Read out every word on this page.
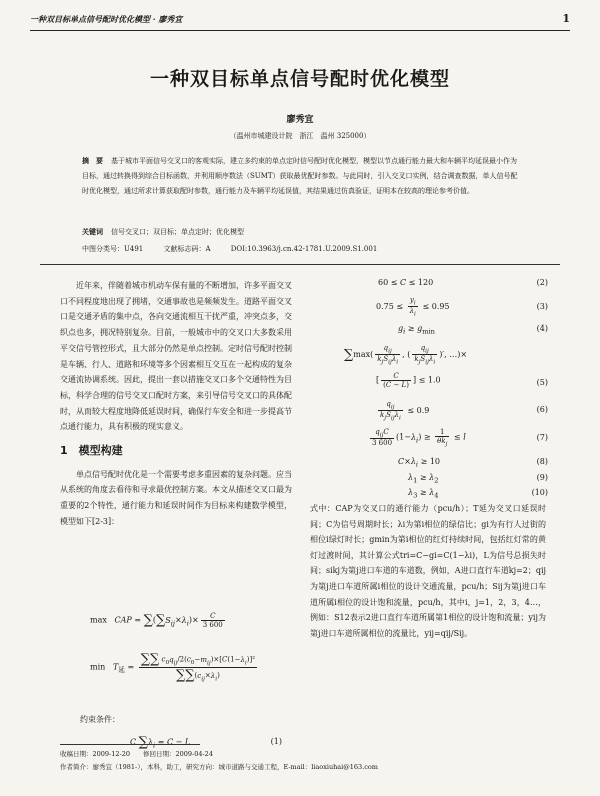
一种双目标单点信号配时优化模型 · 廖秀宜	1
一种双目标单点信号配时优化模型
廖秀宜
（温州市城建设计院　浙江　温州 325000）
摘　要 基于城市平面信号交叉口的客观实际，建立多约束的单点定时信号配时优化模型，模型以节点通行能力最大和车辆平均延误最小作为目标，通过转换得到综合目标函数，并利用顺序数法（SUMT）获取最优配时参数。与此同时，引入交叉口实例，结合调查数据，单人信号配时优化模型，通过所求计算获取配时参数，通行能力及车辆平均延误值，其结果通过仿真验证，证明本在较高的理论参考价值。
关键词 信号交叉口；双目标；单点定时；优化模型
中图分类号：U491	文献标志码：A	DOI:10.3963/j.cn.42-1781.U.2009.S1.001

近年来，伴随着城市机动车保有量的不断增加，许多平面交叉口不同程度地出现了拥堵，交通事故也是频频发生。道路平面交叉口是交通矛盾的集中点，各向交通流相互干扰严重，冲突点多，交织点也多，拥况特别复杂。目前，一般城市中的交叉口大多数采用平交信号管控形式，且大部分仍然是单点控制。定时信号配时控制是车辆、行人、道路和环境等多个因素相互交互在一起构成的复杂交通流协调系统。因此，提出一套以措施交叉口多个交通特性为目标，科学合理的信号交叉口配时方案，来引导信号交叉口的具体配时，从而较大程度地降低延误时间，确保行车安全和进一步提高节点通行能力，具有积极的现实意义。

1　模型构建

单点信号配时优化是一个需要考虑多重因素的复杂问题。应当从系统的角度去看待和寻求最优控制方案。本文从描述交叉口最为重要的2个特性，通行能力和延误时间作为目标来构建数学模型，模型如下[2-3]：

max CAP = $\sum(\sum S_{ij}\times\lambda_i)\times \frac{C}{3 600}$
$\min T_延 = \frac{\sum\sum c_0q_{ij}/2(c_0-m_{ij})\times[C(1-\lambda_i)]^2}{\sum\sum(c_{ij}\times\lambda_i)}$
约束条件：
C $\sum\lambda_i = C - L$	(1)
60 ≤ C ≤ 120	(2)
$0.75 \le \frac{y_i}{\lambda_i} \le 0.95$	(3)
$g_i \ge g_{min}$	(4)
$\sum\max( \frac{q_{ij}}{k_jS_{ij}\lambda_i}$ , ( $\frac{q_{ij}}{k_jS_{ij}\lambda_i}$ )′, …)×
[ $\frac{C}{(C - L)}$ ] ≤ 1.0	(5)
$\frac{q_{ij}}{k_jS_{ij}\lambda_i} \le 0.9$	(6)
$\frac{q_{ij}C}{3 600} (1-\lambda_i) \ge \frac{1}{\theta k_j} \le l$	(7)
$C\times\lambda_i \ge 10$	(8)
$\lambda_1 \ge \lambda_2$	(9)
$\lambda_3 \ge \lambda_4$	(10)

式中：CAP为交叉口的通行能力（pcu/h）；T延为交叉口延误时间；C为信号周期时长；λi为第i相位的绿信比；gi为有行人过街的相位i绿灯时长；gmin为第i相位的红灯持续时间，包括红灯常的黄灯过渡时间，其计算公式tri=C−gi=C(1−λi)，L为信号总损失时间；sikj为第j进口车道的车道数，例如，A进口直行车道kj=2；qij为第j进口车道所属i相位的设计交通流量，pcu/h；Sij为第j进口车道所属i相位的设计饱和流量，pcu/h，其中i，j=1，2，3，4…，例如：S12表示2进口直行车道所属第1相位的设计饱和流量；yij为第j进口车道所属相位的流量比，yij=qij/Sij。

收稿日期：2009-12-20　　修回日期：2009-04-24
作者简介：廖秀宜（1981-），本科，助工，研究方向：城市道路与交通工程，E-mail：liaoxiuhai@163.com
